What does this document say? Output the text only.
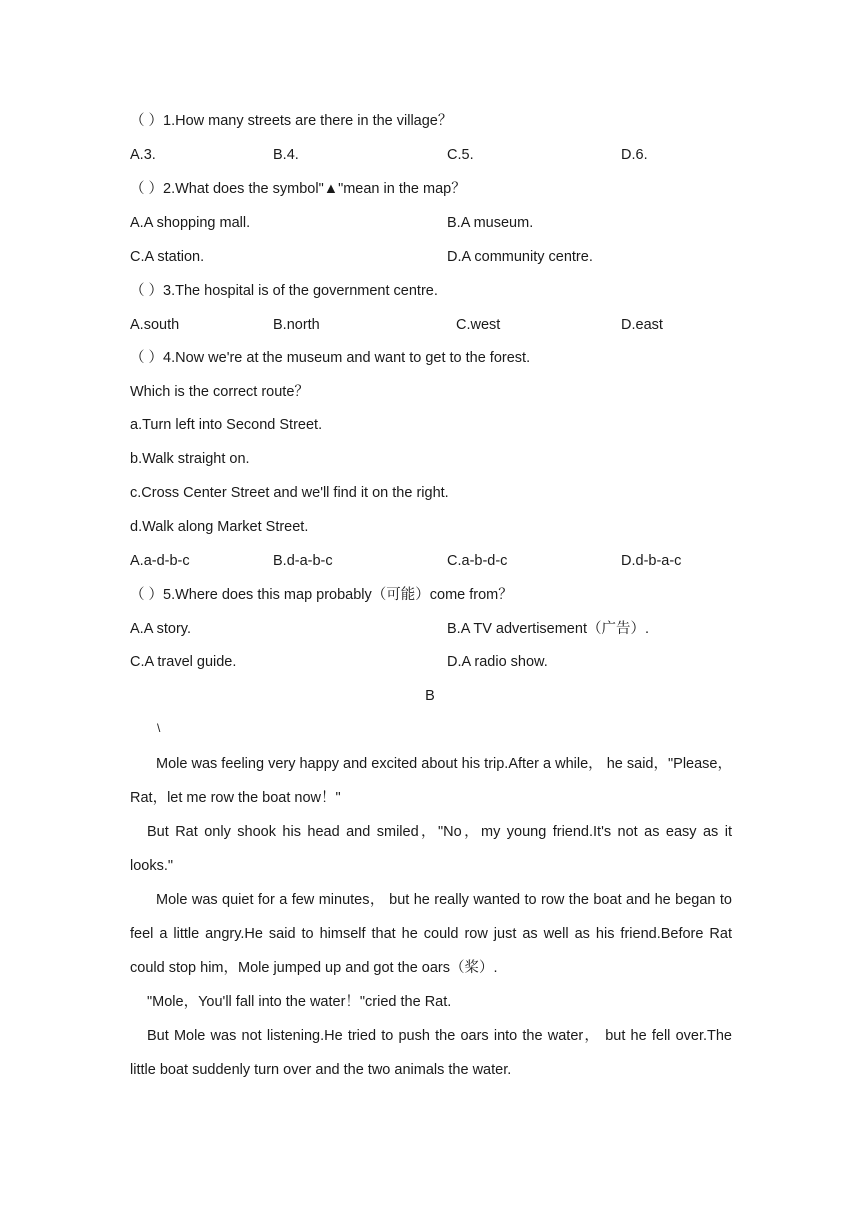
（ ）1.How many streets are there in the village？
A.3.	B.4.	C.5.	D.6.
（ ）2.What does the symbol"▲"mean in the map？
A.A shopping mall.	B.A museum.
C.A station.	D.A community centre.
（ ）3.The hospital is of the government centre.
A.south	B.north	C.west	D.east
（ ）4.Now we're at the museum and want to get to the forest.
Which is the correct route？
a.Turn left into Second Street.
b.Walk straight on.
c.Cross Center Street and we'll find it on the right.
d.Walk along Market Street.
A.a-d-b-c	B.d-a-b-c	C.a-b-d-c	D.d-b-a-c
（ ）5.Where does this map probably（可能）come from？
A.A story.	B.A TV advertisement（广告）.
C.A travel guide.	D.A radio show.
B
\

Mole was feeling very happy and excited about his trip.After a while， he said，"Please，Rat，let me row the boat now！"

But Rat only shook his head and smiled，"No，my young friend.It's not as easy as it looks."

Mole was quiet for a few minutes， but he really wanted to row the boat and he began to feel a little angry.He said to himself that he could row just as well as his friend.Before Rat could stop him，Mole jumped up and got the oars（桨）.

"Mole，You'll fall into the water！"cried the Rat.

But Mole was not listening.He tried to push the oars into the water， but he fell over.The little boat suddenly turn over and the two animals the water.
